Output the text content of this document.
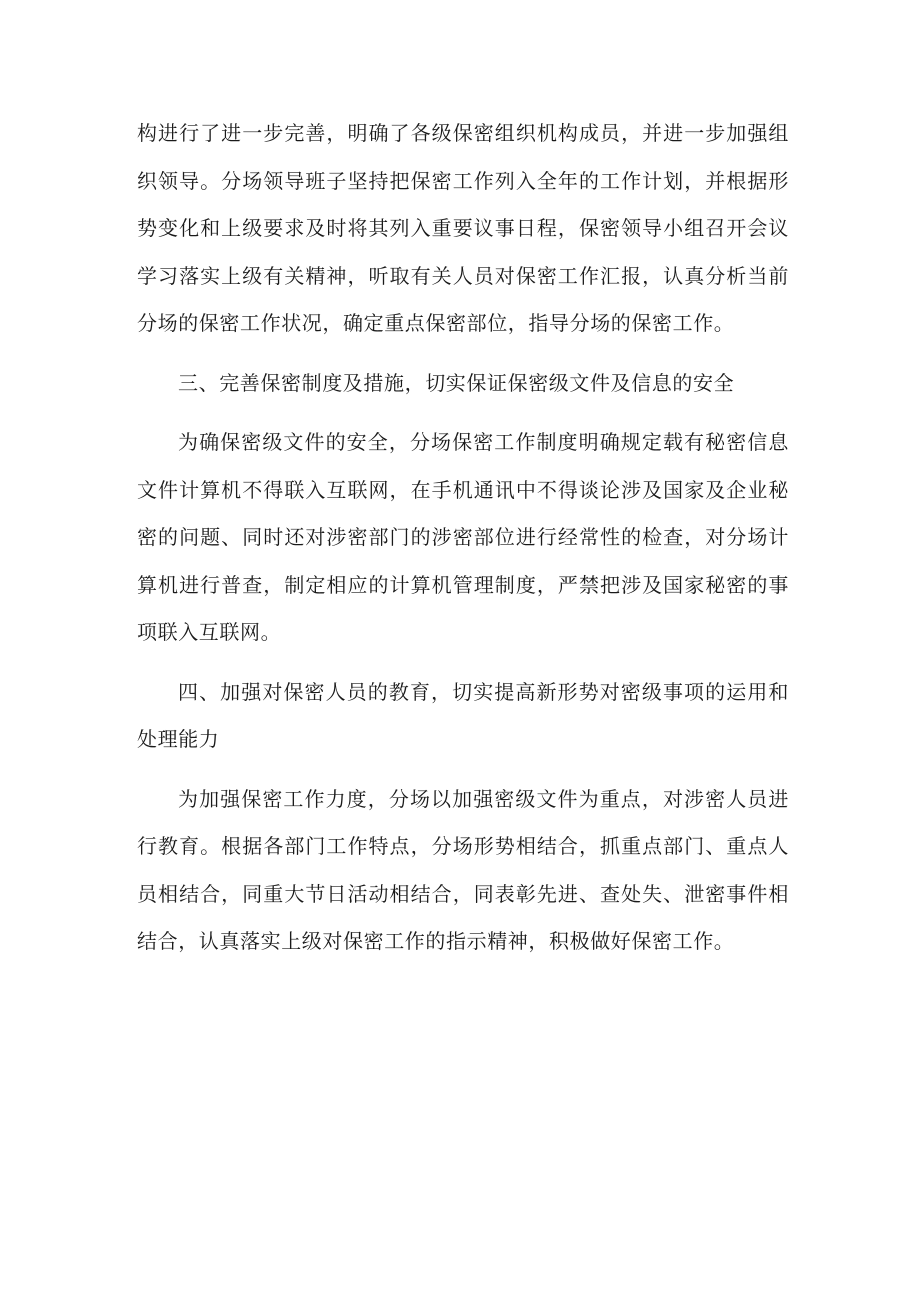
构进行了进一步完善，明确了各级保密组织机构成员，并进一步加强组织领导。分场领导班子坚持把保密工作列入全年的工作计划，并根据形势变化和上级要求及时将其列入重要议事日程，保密领导小组召开会议学习落实上级有关精神，听取有关人员对保密工作汇报，认真分析当前分场的保密工作状况，确定重点保密部位，指导分场的保密工作。

三、完善保密制度及措施，切实保证保密级文件及信息的安全

为确保密级文件的安全，分场保密工作制度明确规定载有秘密信息文件计算机不得联入互联网，在手机通讯中不得谈论涉及国家及企业秘密的问题、同时还对涉密部门的涉密部位进行经常性的检查，对分场计算机进行普查，制定相应的计算机管理制度，严禁把涉及国家秘密的事项联入互联网。

四、加强对保密人员的教育，切实提高新形势对密级事项的运用和处理能力

为加强保密工作力度，分场以加强密级文件为重点，对涉密人员进行教育。根据各部门工作特点，分场形势相结合，抓重点部门、重点人员相结合，同重大节日活动相结合，同表彰先进、查处失、泄密事件相结合，认真落实上级对保密工作的指示精神，积极做好保密工作。
